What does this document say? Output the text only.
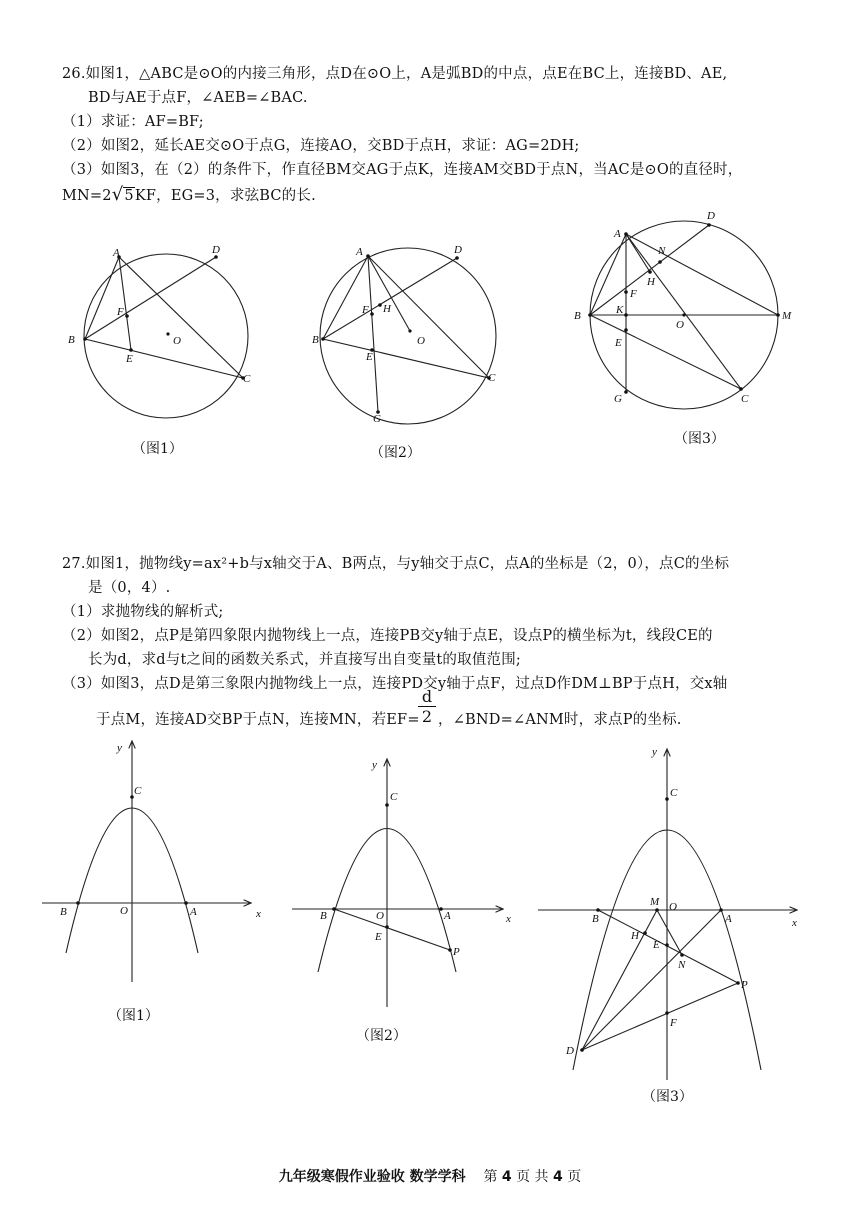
26.如图1，△ABC是⊙O的内接三角形，点D在⊙O上，A是弧BD的中点，点E在BC上，连接BD、AE,
BD与AE于点F，∠AEB=∠BAC.
（1）求证：AF=BF;
（2）如图2，延长AE交⊙O于点G，连接AO，交BD于点H，求证：AG=2DH;
（3）如图3，在（2）的条件下，作直径BM交AG于点K，连接AM交BD于点N，当AC是⊙O的直径时，
MN=2√5KF，EG=3，求弦BC的长.
A	D
B
C
F
E
O
A	D
B
C
F H
E
O
G
A
D
N
H
F
B	K
O
M
E
G	C
（图1）	（图2）
（图3）
27.如图1，抛物线y=ax²+b与x轴交于A、B两点，与y轴交于点C，点A的坐标是（2，0），点C的坐标
是（0，4）.
（1）求抛物线的解析式;
（2）如图2，点P是第四象限内抛物线上一点，连接PB交y轴于点E，设点P的横坐标为t，线段CE的
长为d，求d与t之间的函数关系式，并直接写出自变量t的取值范围;
（3）如图3，点D是第三象限内抛物线上一点，连接PD交y轴于点F，过点D作DM⊥BP于点H，交x轴
于点M，连接AD交BP于点N，连接MN，若EF=
$\frac{d}{2}$ ，∠BND=∠ANM时，求点P的坐标.
y
C
B	O	A	x
y
C
B	O	A	x
E
P
y
C
B
M O
A	x
H
E
N
P
F
D
（图1）
（图2）
（图3）
九年级寒假作业验收 数学学科 第 4 页 共 4 页
